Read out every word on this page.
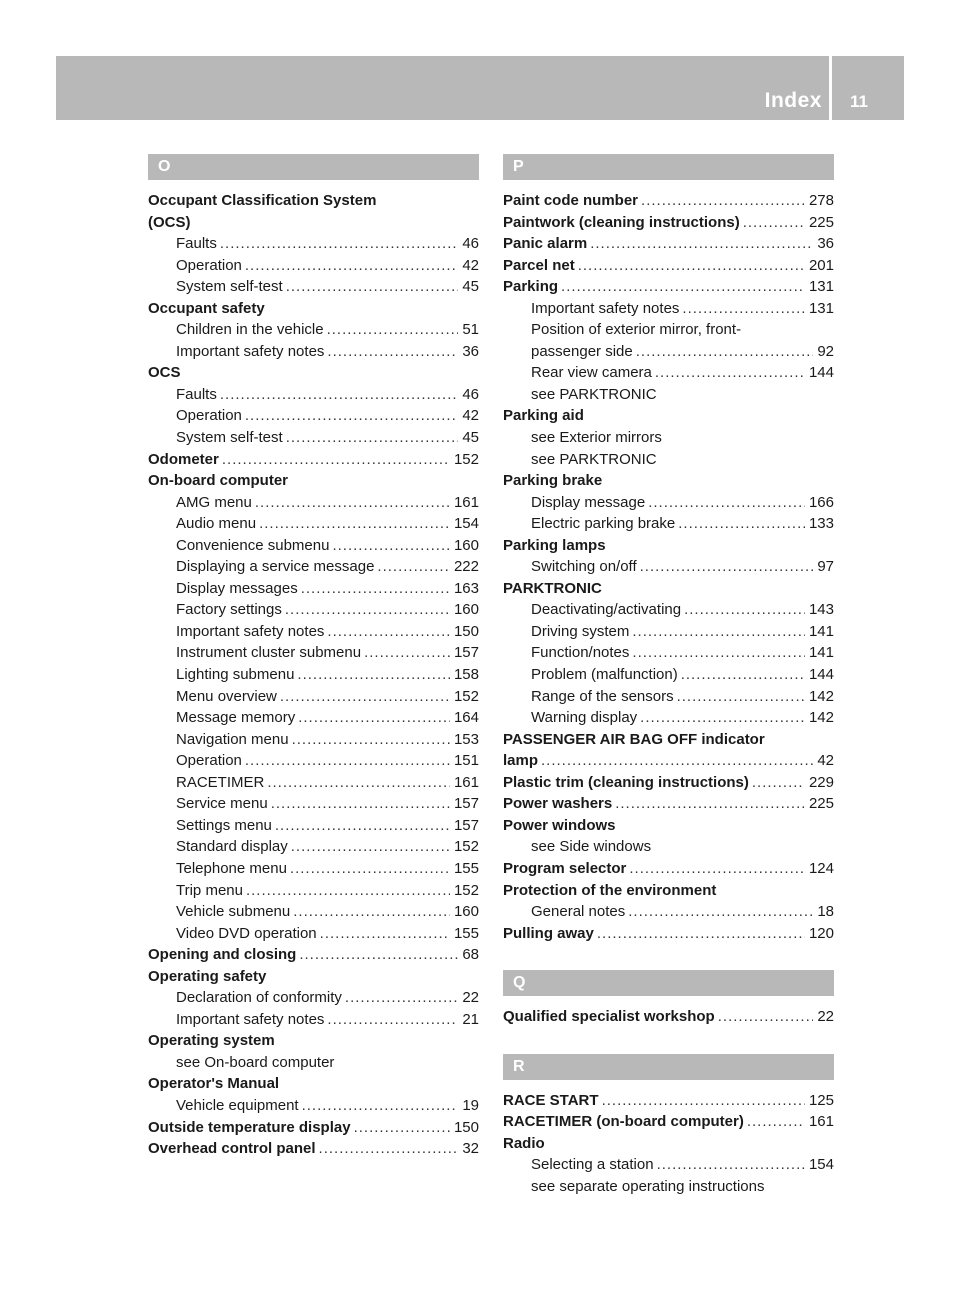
Index 11
O
Occupant Classification System
(OCS)
Faults .....	46
Operation .....	42
System self-test .....	45
Occupant safety
Children in the vehicle .....	51
Important safety notes .....	36
OCS
Faults .....	46
Operation .....	42
System self-test .....	45
Odometer .....	152
On-board computer
AMG menu .....	161
Audio menu .....	154
Convenience submenu .....	160
Displaying a service message .....	222
Display messages .....	163
Factory settings .....	160
Important safety notes .....	150
Instrument cluster submenu .....	157
Lighting submenu .....	158
Menu overview .....	152
Message memory .....	164
Navigation menu .....	153
Operation .....	151
RACETIMER .....	161
Service menu .....	157
Settings menu .....	157
Standard display .....	152
Telephone menu .....	155
Trip menu .....	152
Vehicle submenu .....	160
Video DVD operation .....	155
Opening and closing .....	68
Operating safety
Declaration of conformity .....	22
Important safety notes .....	21
Operating system
see On-board computer
Operator's Manual
Vehicle equipment .....	19
Outside temperature display .....	150
Overhead control panel .....	32
P
Paint code number .....	278
Paintwork (cleaning instructions) .....	225
Panic alarm .....	36
Parcel net .....	201
Parking .....	131
Important safety notes .....	131
Position of exterior mirror, front-
passenger side .....	92
Rear view camera .....	144
see PARKTRONIC
Parking aid
see Exterior mirrors
see PARKTRONIC
Parking brake
Display message .....	166
Electric parking brake .....	133
Parking lamps
Switching on/off .....	97
PARKTRONIC
Deactivating/activating .....	143
Driving system .....	141
Function/notes .....	141
Problem (malfunction) .....	144
Range of the sensors .....	142
Warning display .....	142
PASSENGER AIR BAG OFF indicator
lamp .....	42
Plastic trim (cleaning instructions) .....	229
Power washers .....	225
Power windows
see Side windows
Program selector .....	124
Protection of the environment
General notes .....	18
Pulling away .....	120
Q
Qualified specialist workshop .....	22
R
RACE START .....	125
RACETIMER (on-board computer) .....	161
Radio
Selecting a station .....	154
see separate operating instructions
